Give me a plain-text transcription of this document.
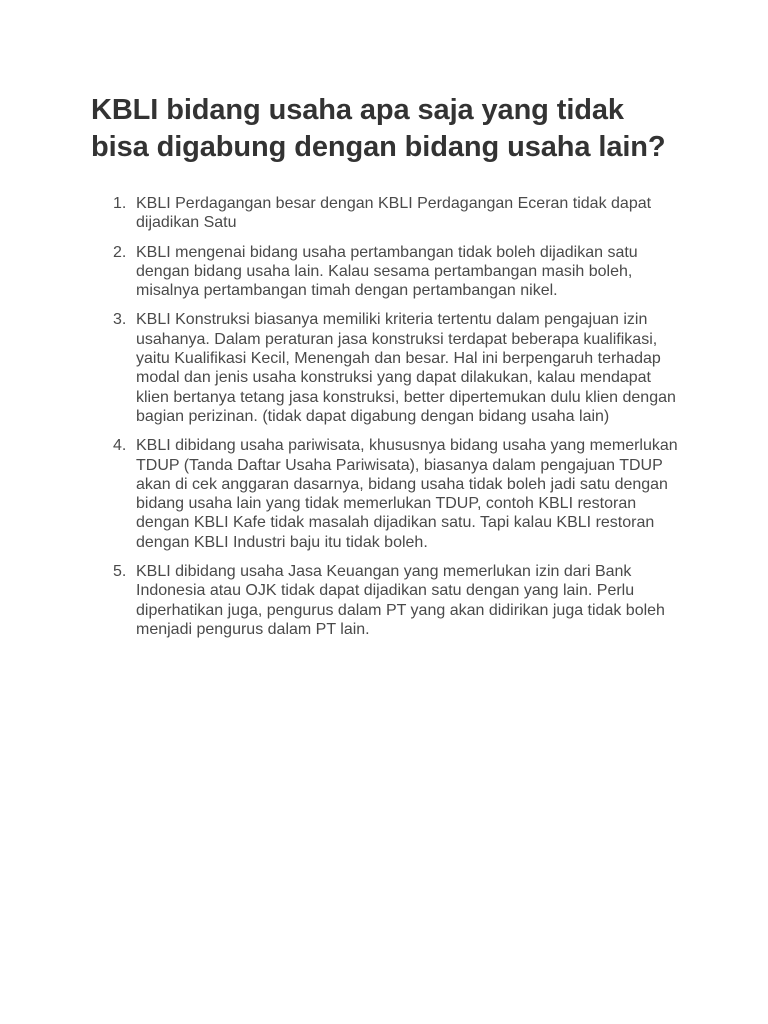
KBLI bidang usaha apa saja yang tidak bisa digabung dengan bidang usaha lain?
1. KBLI Perdagangan besar dengan KBLI Perdagangan Eceran tidak dapat dijadikan Satu
2. KBLI mengenai bidang usaha pertambangan tidak boleh dijadikan satu dengan bidang usaha lain. Kalau sesama pertambangan masih boleh, misalnya pertambangan timah dengan pertambangan nikel.
3. KBLI Konstruksi biasanya memiliki kriteria tertentu dalam pengajuan izin usahanya. Dalam peraturan jasa konstruksi terdapat beberapa kualifikasi, yaitu Kualifikasi Kecil, Menengah dan besar. Hal ini berpengaruh terhadap modal dan jenis usaha konstruksi yang dapat dilakukan, kalau mendapat klien bertanya tetang jasa konstruksi, better dipertemukan dulu klien dengan bagian perizinan. (tidak dapat digabung dengan bidang usaha lain)
4. KBLI dibidang usaha pariwisata, khususnya bidang usaha yang memerlukan TDUP (Tanda Daftar Usaha Pariwisata), biasanya dalam pengajuan TDUP akan di cek anggaran dasarnya, bidang usaha tidak boleh jadi satu dengan bidang usaha lain yang tidak memerlukan TDUP, contoh KBLI restoran dengan KBLI Kafe tidak masalah dijadikan satu. Tapi kalau KBLI restoran dengan KBLI Industri baju itu tidak boleh.
5. KBLI dibidang usaha Jasa Keuangan yang memerlukan izin dari Bank Indonesia atau OJK tidak dapat dijadikan satu dengan yang lain. Perlu diperhatikan juga, pengurus dalam PT yang akan didirikan juga tidak boleh menjadi pengurus dalam PT lain.
